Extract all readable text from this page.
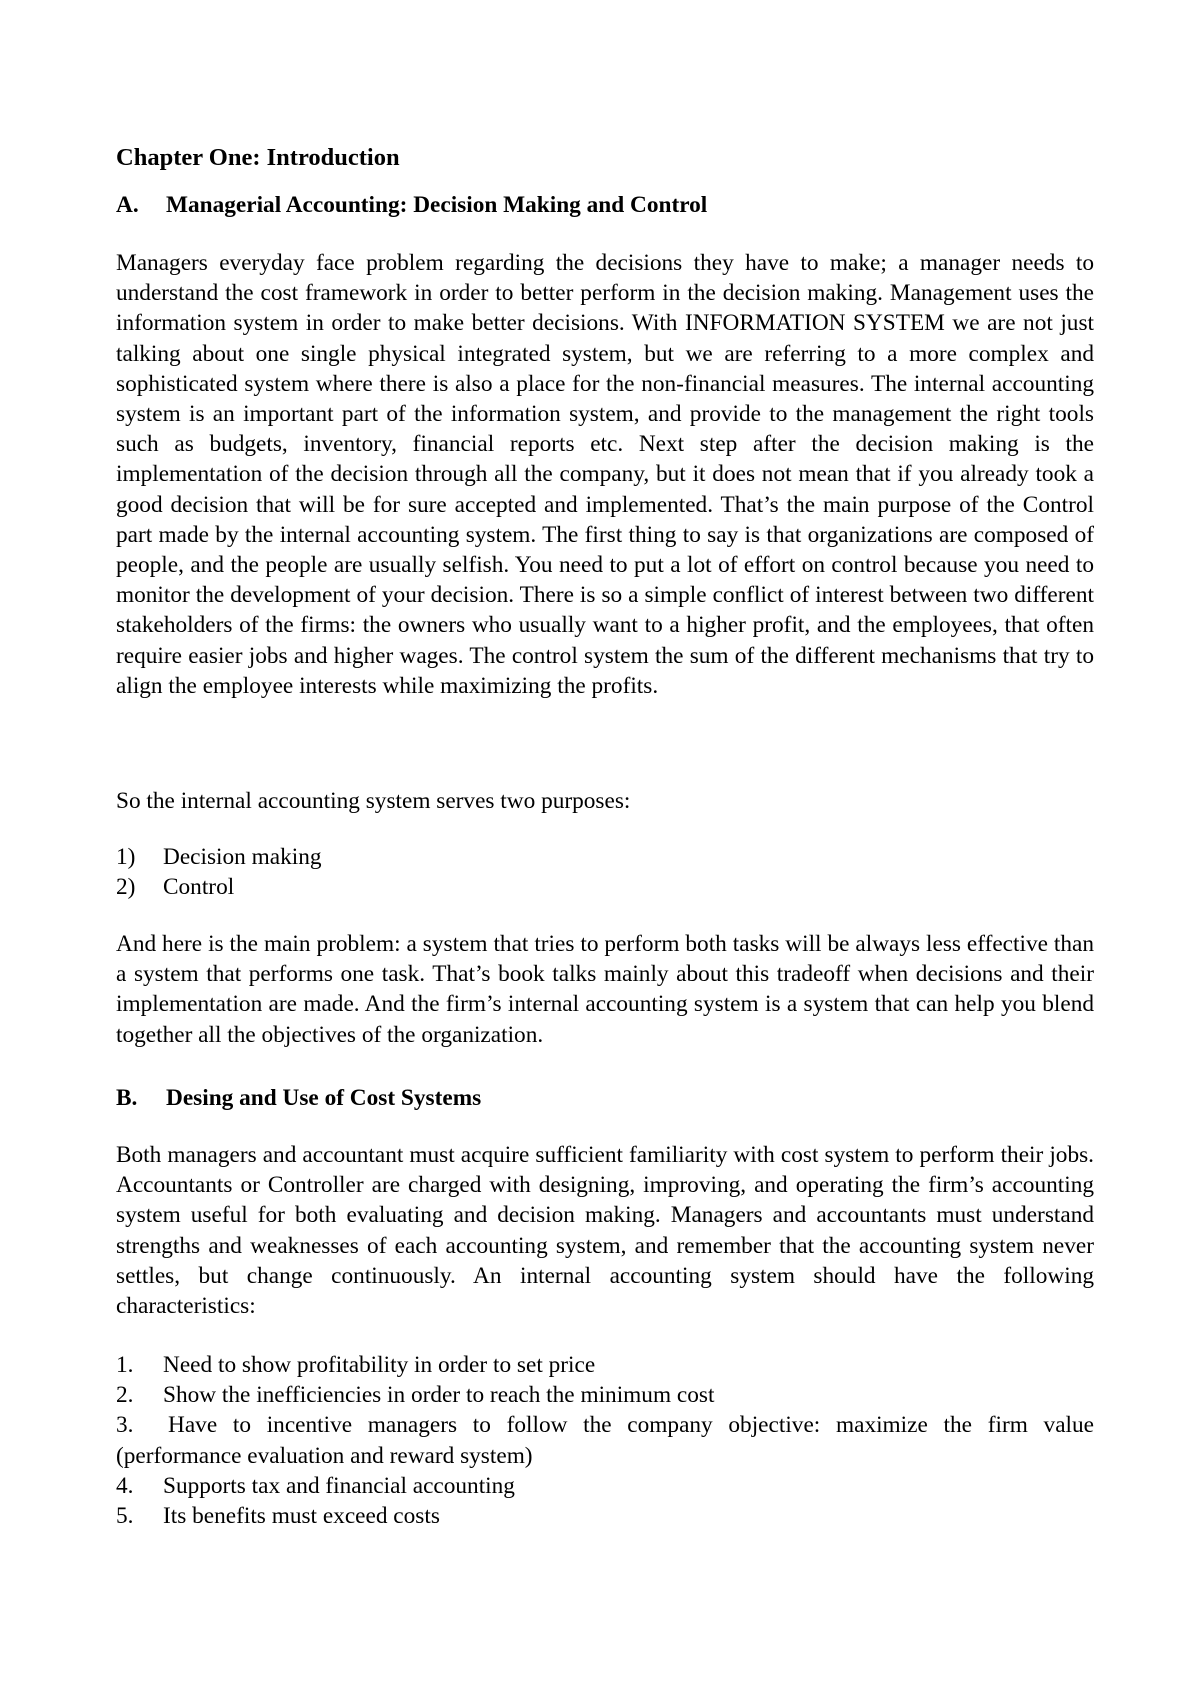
Chapter One: Introduction
A.	Managerial Accounting: Decision Making and Control

Managers everyday face problem regarding the decisions they have to make; a manager needs to understand the cost framework in order to better perform in the decision making. Management uses the information system in order to make better decisions. With INFORMATION SYSTEM we are not just talking about one single physical integrated system, but we are referring to a more complex and sophisticated system where there is also a place for the non-financial measures. The internal accounting system is an important part of the information system, and provide to the management the right tools such as budgets, inventory, financial reports etc. Next step after the decision making is the implementation of the decision through all the company, but it does not mean that if you already took a good decision that will be for sure accepted and implemented. That’s the main purpose of the Control part made by the internal accounting system. The first thing to say is that organizations are composed of people, and the people are usually selfish. You need to put a lot of effort on control because you need to monitor the development of your decision. There is so a simple conflict of interest between two different stakeholders of the firms: the owners who usually want to a higher profit, and the employees, that often require easier jobs and higher wages. The control system the sum of the different mechanisms that try to align the employee interests while maximizing the profits.

So the internal accounting system serves two purposes:

1)	Decision making
2)	Control

And here is the main problem: a system that tries to perform both tasks will be always less effective than a system that performs one task. That’s book talks mainly about this tradeoff when decisions and their implementation are made. And the firm’s internal accounting system is a system that can help you blend together all the objectives of the organization.

B.	Desing and Use of Cost Systems

Both managers and accountant must acquire sufficient familiarity with cost system to perform their jobs. Accountants or Controller are charged with designing, improving, and operating the firm’s accounting system useful for both evaluating and decision making. Managers and accountants must understand strengths and weaknesses of each accounting system, and remember that the accounting system never settles, but change continuously. An internal accounting system should have the following characteristics:

1.	Need to show profitability in order to set price
2.	Show the inefficiencies in order to reach the minimum cost
3. Have to incentive managers to follow the company objective: maximize the firm value (performance evaluation and reward system)
4.	Supports tax and financial accounting
5.	Its benefits must exceed costs
